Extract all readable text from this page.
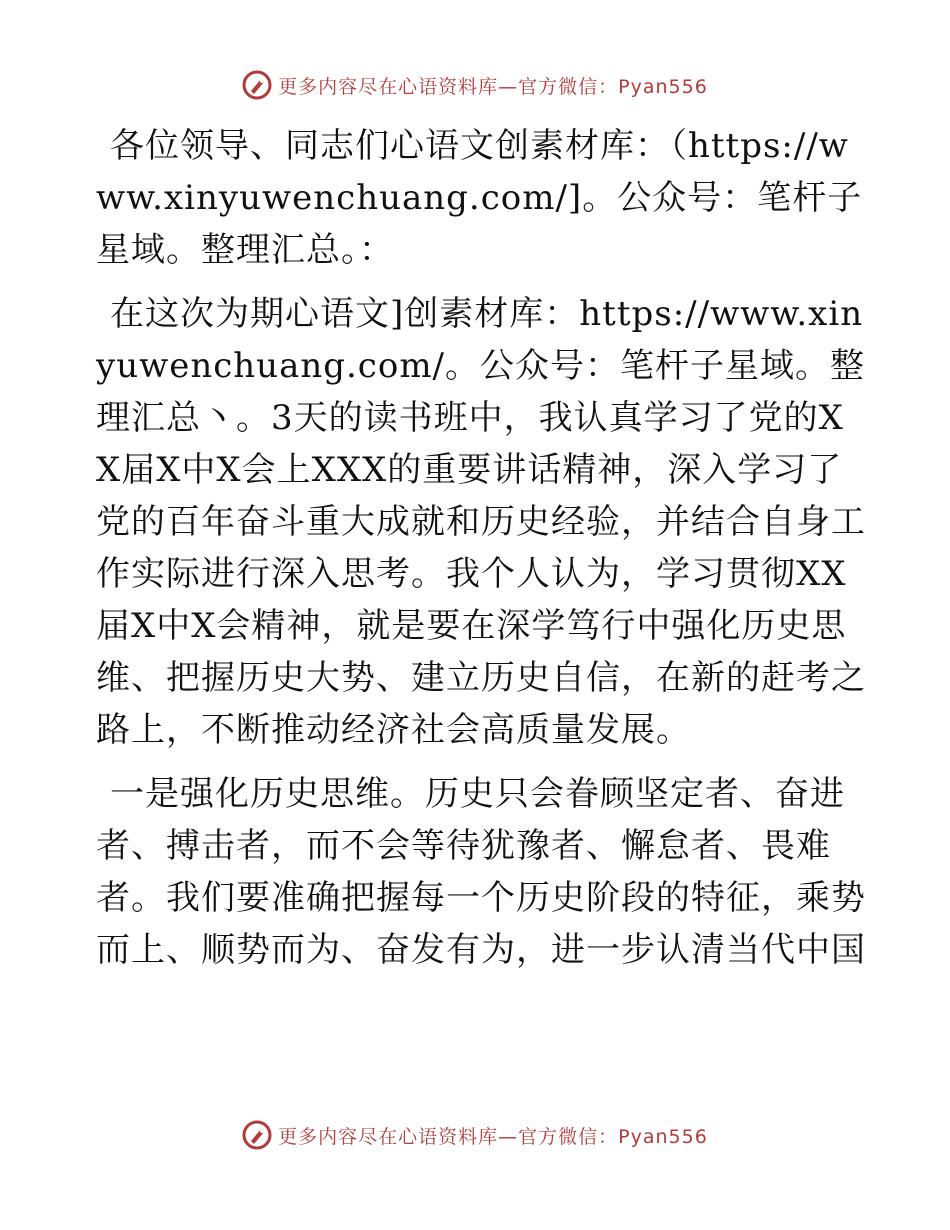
更多内容尽在心语资料库—官方微信：Pyan556

各位领导、同志们心语文创素材库：（https://www.xinyuwenchuang.com/]。公众号：笔杆子星域。整理汇总。：

在这次为期心语文]创素材库：https://www.xinyuwenchuang.com/。公众号：笔杆子星域。整理汇总丶。3天的读书班中，我认真学习了党的XX届X中X会上XXX的重要讲话精神，深入学习了党的百年奋斗重大成就和历史经验，并结合自身工作实际进行深入思考。我个人认为，学习贯彻XX届X中X会精神，就是要在深学笃行中强化历史思维、把握历史大势、建立历史自信，在新的赶考之路上，不断推动经济社会高质量发展。

一是强化历史思维。历史只会眷顾坚定者、奋进者、搏击者，而不会等待犹豫者、懈怠者、畏难者。我们要准确把握每一个历史阶段的特征，乘势而上、顺势而为、奋发有为，进一步认清当代中国

更多内容尽在心语资料库—官方微信：Pyan556
